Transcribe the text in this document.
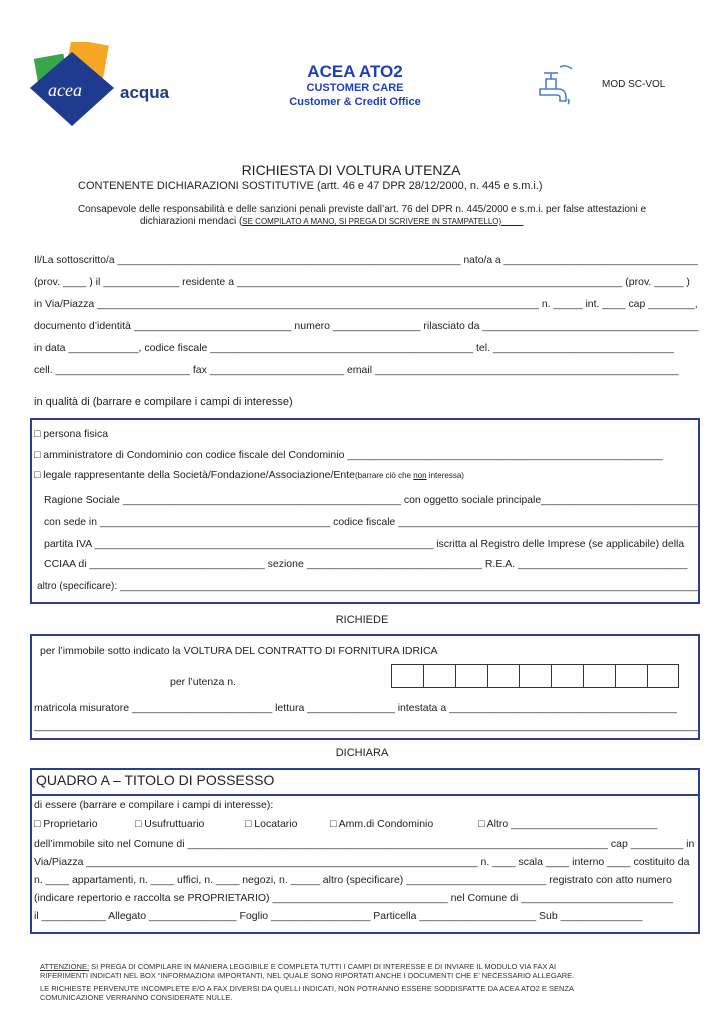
acea acqua
ACEA ATO2
CUSTOMER CARE
Customer & Credit Office
MOD SC-VOL
RICHIESTA DI VOLTURA UTENZA
CONTENENTE DICHIARAZIONI SOSTITUTIVE (artt. 46 e 47 DPR 28/12/2000, n. 445 e s.m.i.)
Consapevole delle responsabilità e delle sanzioni penali previste dall’art. 76 del DPR n. 445/2000 e s.m.i. per false attestazioni e
dichiarazioni mendaci (SE COMPILATO A MANO, SI PREGA DI SCRIVERE IN STAMPATELLO)
Il/La sottoscritto/a ____________________________________________________________ nato/a a __________________________________
(prov. ____ ) il _____________ residente a __________________________________________________________________ (prov. _____ )
in Via/Piazza ____________________________________________________________________________ n. _____ int. ____ cap ________,
documento d’identità ___________________________ numero _______________ rilasciato da _____________________________________
in data ____________, codice fiscale _____________________________________________ tel. _______________________________
cell. _______________________ fax _______________________ email ____________________________________________________
in qualità di (barrare e compilare i campi di interesse)
□ persona fisica
□ amministratore di Condominio con codice fiscale del Condominio ______________________________________________________
□ legale rappresentante della Società/Fondazione/Associazione/Ente(barrare ciò che non interessa)
Ragione Sociale ________________________________________________ con oggetto sociale principale___________________________
con sede in ________________________________________ codice fiscale ____________________________________________________
partita IVA __________________________________________________________ iscritta al Registro delle Imprese (se applicabile) della
CCIAA di ______________________________ sezione ______________________________ R.E.A. _____________________________
altro (specificare): _______________________________________________________________________________________________________
RICHIEDE
per l’immobile sotto indicato la VOLTURA DEL CONTRATTO DI FORNITURA IDRICA
per l’utenza n.
matricola misuratore ________________________ lettura _______________ intestata a _______________________________________
______________________________________________________________________________________________________________________
DICHIARA
QUADRO A – TITOLO DI POSSESSO
di essere (barrare e compilare i campi di interesse):
□ Proprietario	□ Usufruttuario	□ Locatario	□ Amm.di Condominio	□ Altro _________________________
dell’immobile sito nel Comune di ________________________________________________________________________ cap _________ in
Via/Piazza ___________________________________________________________________ n. ____ scala ____ interno ____ costituito da
n. ____ appartamenti, n. ____ uffici, n. ____ negozi, n. _____ altro (specificare) ________________________ registrato con atto numero
(indicare repertorio e raccolta se PROPRIETARIO) ______________________________ nel Comune di __________________________
il ___________ Allegato _______________ Foglio _________________ Particella ____________________ Sub ______________
ATTENZIONE: SI PREGA DI COMPILARE IN MANIERA LEGGIBILE E COMPLETA TUTTI I CAMPI DI INTERESSE E DI INVIARE IL MODULO VIA FAX AI
RIFERIMENTI INDICATI NEL BOX “INFORMAZIONI IMPORTANTI, NEL QUALE SONO RIPORTATI ANCHE I DOCUMENTI CHE E’ NECESSARIO ALLEGARE.
LE RICHIESTE PERVENUTE INCOMPLETE E/O A FAX DIVERSI DA QUELLI INDICATI, NON POTRANNO ESSERE SODDISFATTE DA ACEA ATO2 E SENZA
COMUNICAZIONE VERRANNO CONSIDERATE NULLE.
